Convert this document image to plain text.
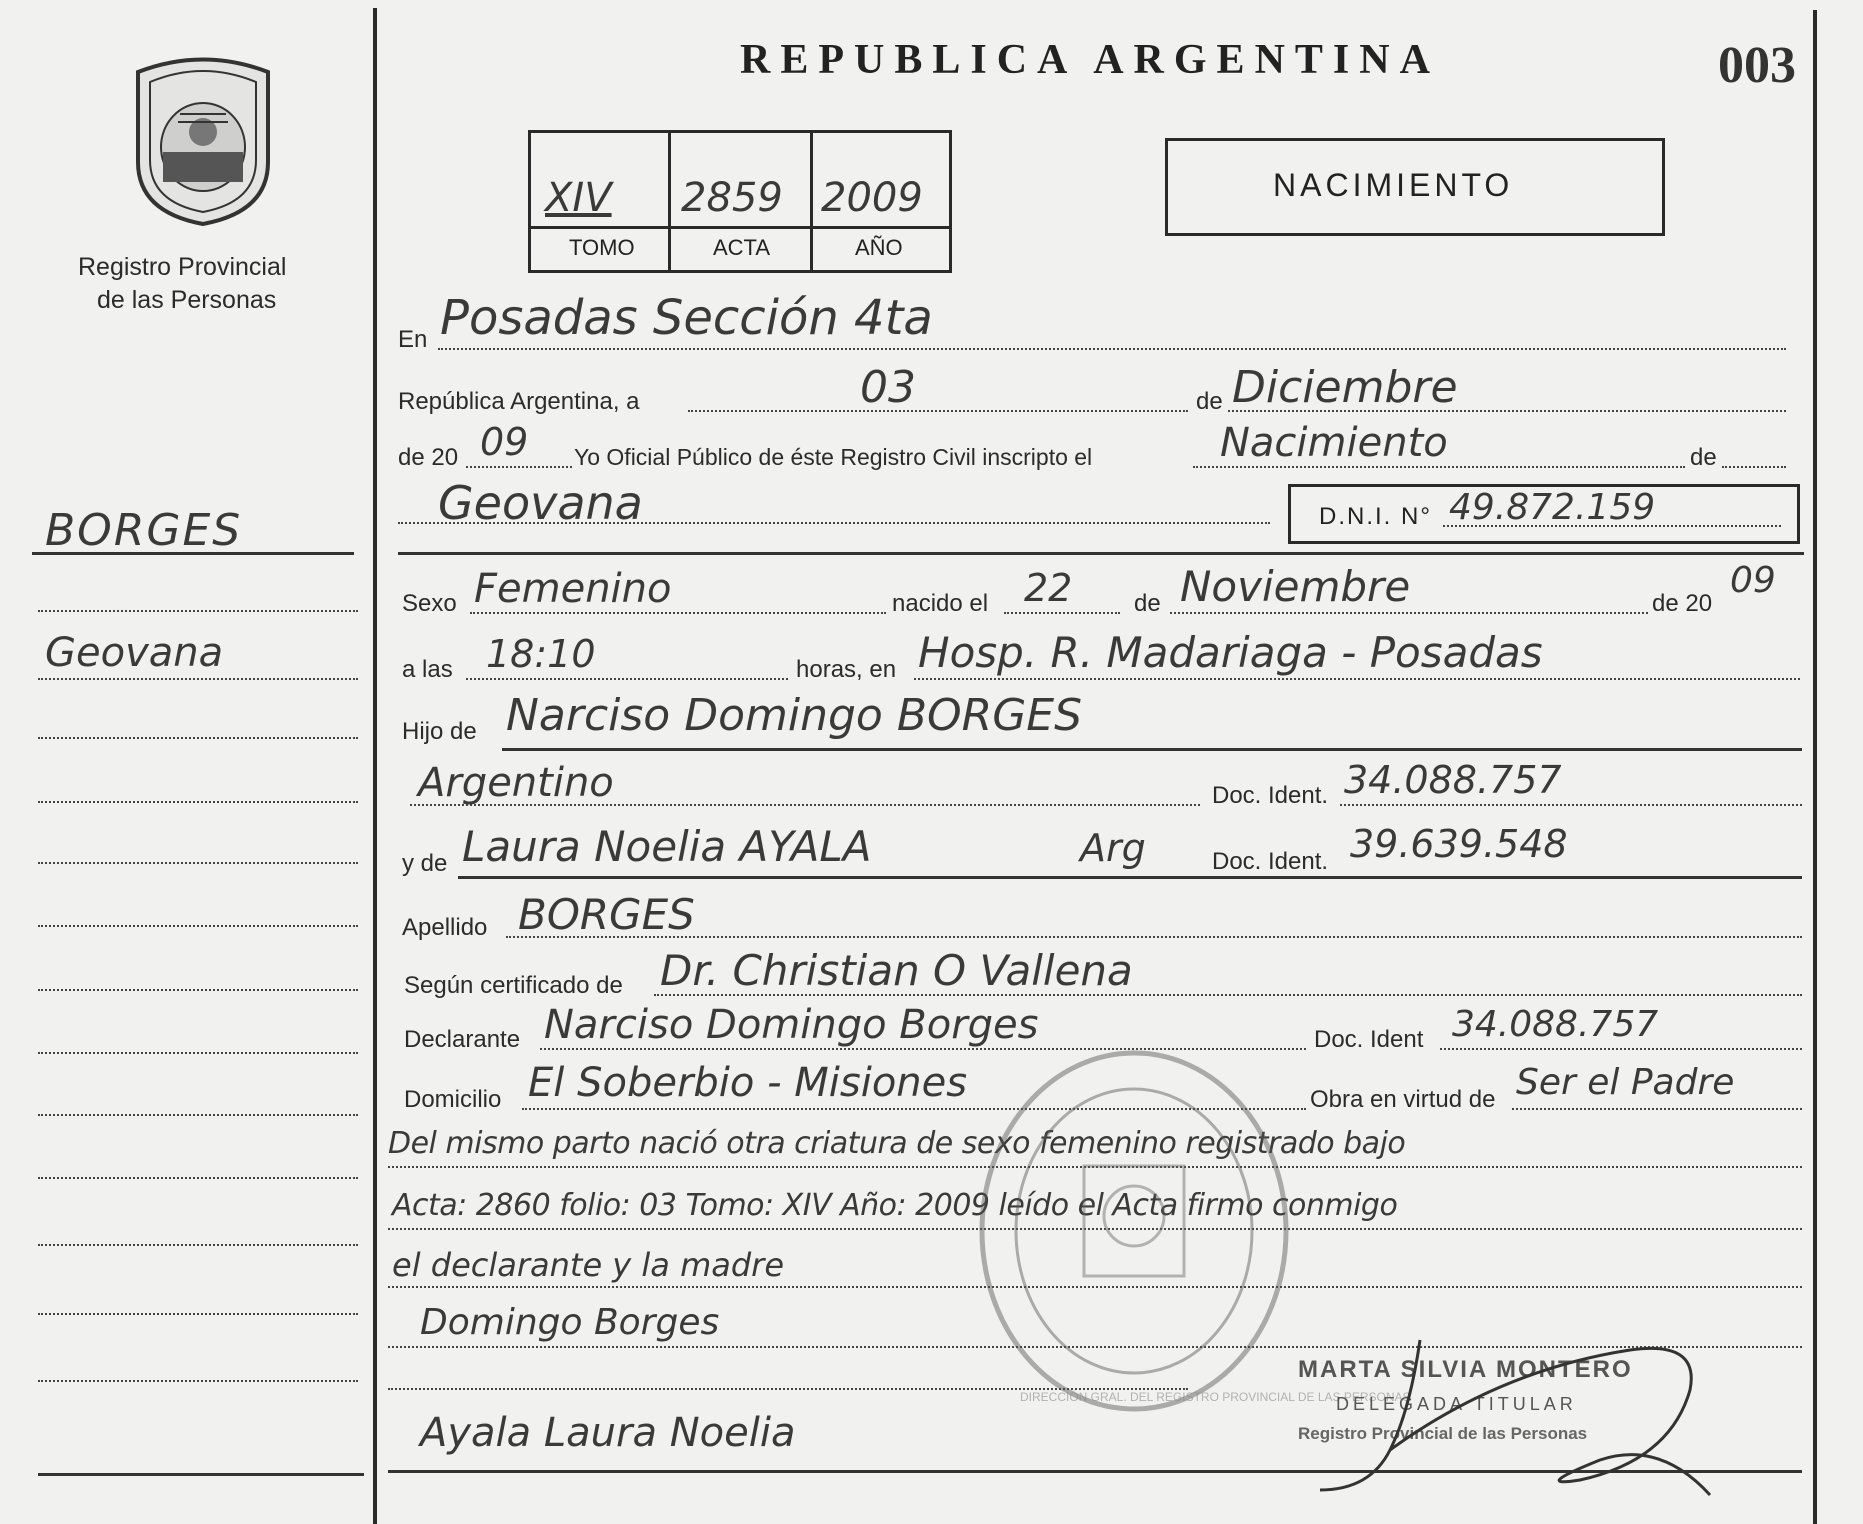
Registro Provincial
de las Personas
BORGES
Geovana
REPUBLICA ARGENTINA	003
XIV 2859 2009
TOMO	ACTA	AÑO
NACIMIENTO
En Posadas Sección 4ta
República Argentina, a	03	de Diciembre
de 20 09 Yo Oficial Público de éste Registro Civil inscripto el	Nacimiento	de
Geovana	D.N.I. N° 49.872.159
Sexo Femenino	nacido el 22	de Noviembre	de 20
09
a las 18:10	horas, en Hosp. R. Madariaga - Posadas
Hijo de Narciso Domingo BORGES
Argentino	Doc. Ident. 34.088.757
y de Laura Noelia AYALA	Arg	Doc. Ident. 39.639.548
Apellido BORGES
Según certificado de Dr. Christian O Vallena
Declarante Narciso Domingo Borges	Doc. Ident 34.088.757
Domicilio El Soberbio - Misiones	Obra en virtud de Ser el Padre
Del mismo parto nació otra criatura de sexo femenino registrado bajo
Acta: 2860 folio: 03 Tomo: XIV Año: 2009 leído el Acta firmo conmigo
el declarante y la madre
Domingo Borges
Ayala Laura Noelia
DIRECCIÓN GRAL. DEL REGISTRO PROVINCIAL DE LAS PERSONAS
MARTA SILVIA MONTERO
DELEGADA TITULAR
Registro Provincial de las Personas
